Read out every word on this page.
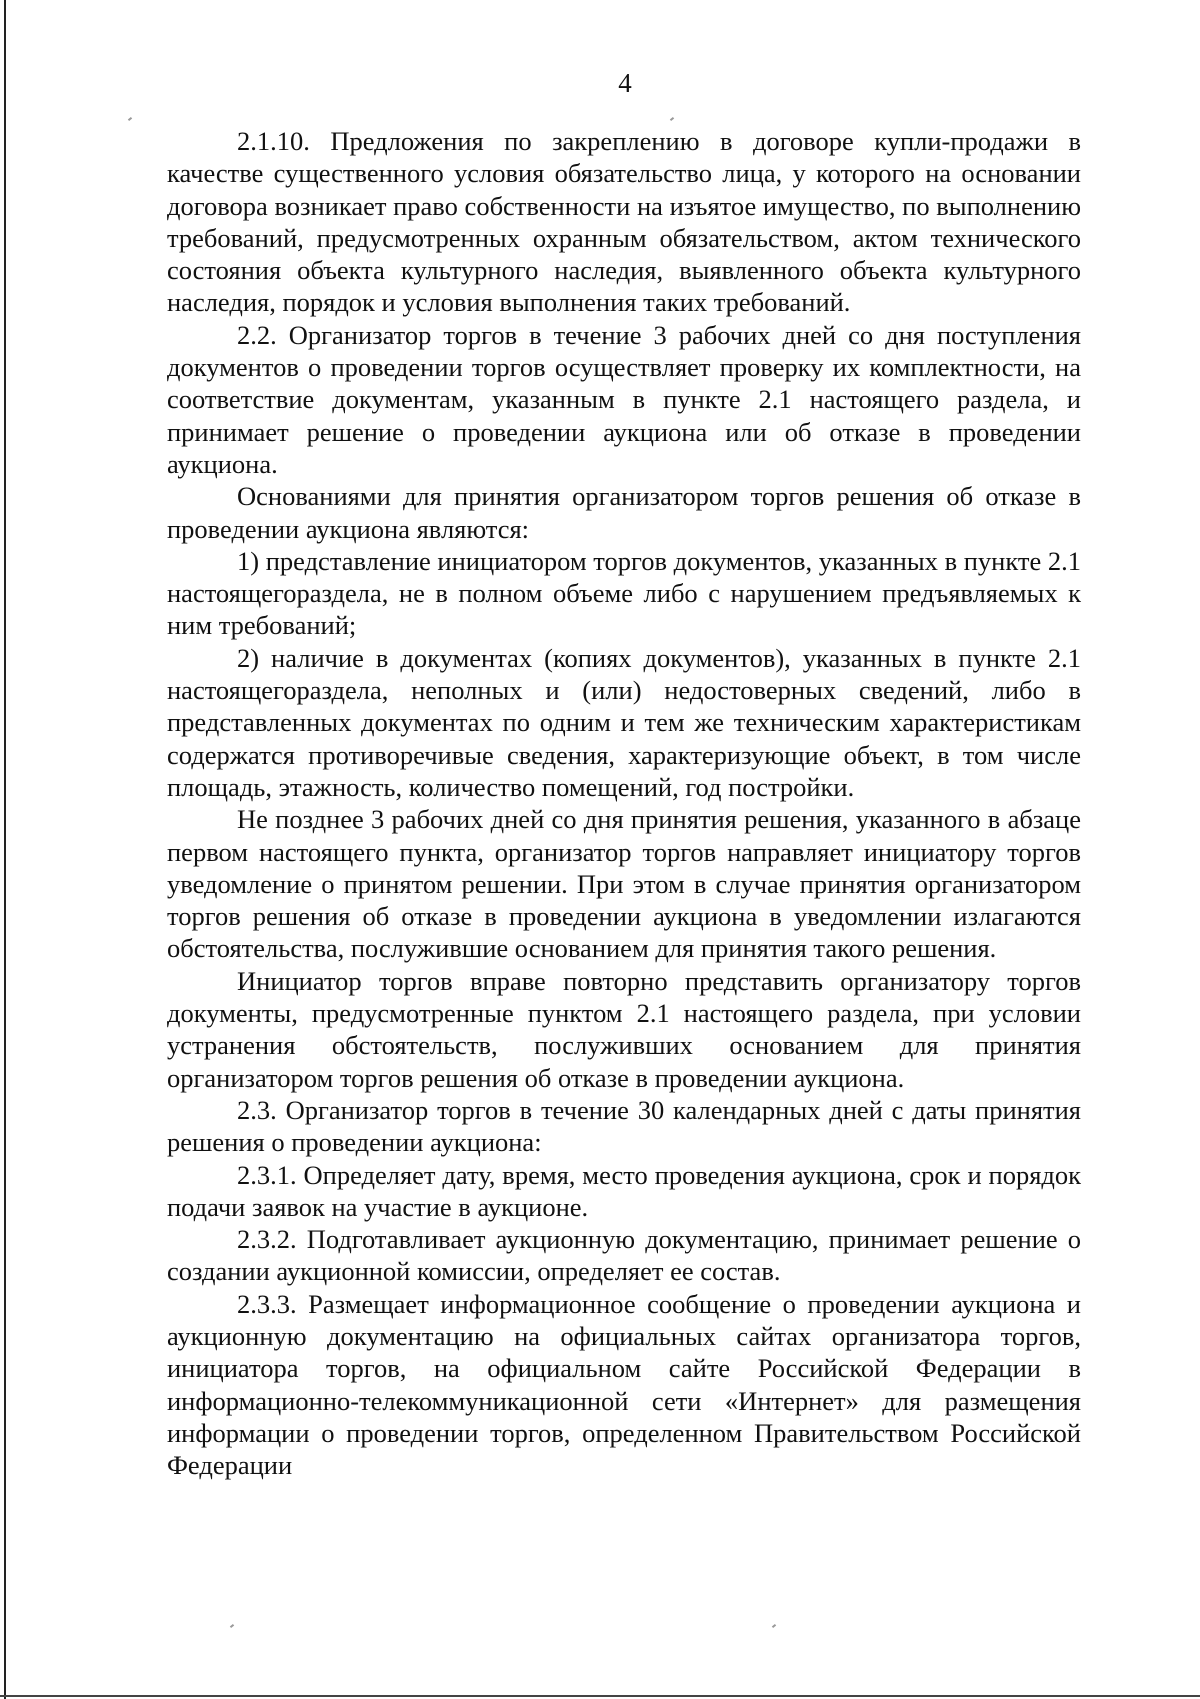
4

2.1.10. Предложения по закреплению в договоре купли-продажи в качестве существенного условия обязательство лица, у которого на основании договора возникает право собственности на изъятое имущество, по выполнению требований, предусмотренных охранным обязательством, актом технического состояния объекта культурного наследия, выявленного объекта культурного наследия, порядок и условия выполнения таких требований.

2.2. Организатор торгов в течение 3 рабочих дней со дня поступления документов о проведении торгов осуществляет проверку их комплектности, на соответствие документам, указанным в пункте 2.1 настоящего раздела, и принимает решение о проведении аукциона или об отказе в проведении аукциона.

Основаниями для принятия организатором торгов решения об отказе в проведении аукциона являются:

1) представление инициатором торгов документов, указанных в пункте 2.1 настоящегораздела, не в полном объеме либо с нарушением предъявляемых к ним требований;

2) наличие в документах (копиях документов), указанных в пункте 2.1 настоящегораздела, неполных и (или) недостоверных сведений, либо в представленных документах по одним и тем же техническим характеристикам содержатся противоречивые сведения, характеризующие объект, в том числе площадь, этажность, количество помещений, год постройки.

Не позднее 3 рабочих дней со дня принятия решения, указанного в абзаце первом настоящего пункта, организатор торгов направляет инициатору торгов уведомление о принятом решении. При этом в случае принятия организатором торгов решения об отказе в проведении аукциона в уведомлении излагаются обстоятельства, послужившие основанием для принятия такого решения.

Инициатор торгов вправе повторно представить организатору торгов документы, предусмотренные пунктом 2.1 настоящего раздела, при условии устранения обстоятельств, послуживших основанием для принятия организатором торгов решения об отказе в проведении аукциона.

2.3. Организатор торгов в течение 30 календарных дней с даты принятия решения о проведении аукциона:

2.3.1. Определяет дату, время, место проведения аукциона, срок и порядок подачи заявок на участие в аукционе.

2.3.2. Подготавливает аукционную документацию, принимает решение о создании аукционной комиссии, определяет ее состав.

2.3.3. Размещает информационное сообщение о проведении аукциона и аукционную документацию на официальных сайтах организатора торгов, инициатора торгов, на официальном сайте Российской Федерации в информационно-телекоммуникационной сети «Интернет» для размещения информации о проведении торгов, определенном Правительством Российской Федерации
